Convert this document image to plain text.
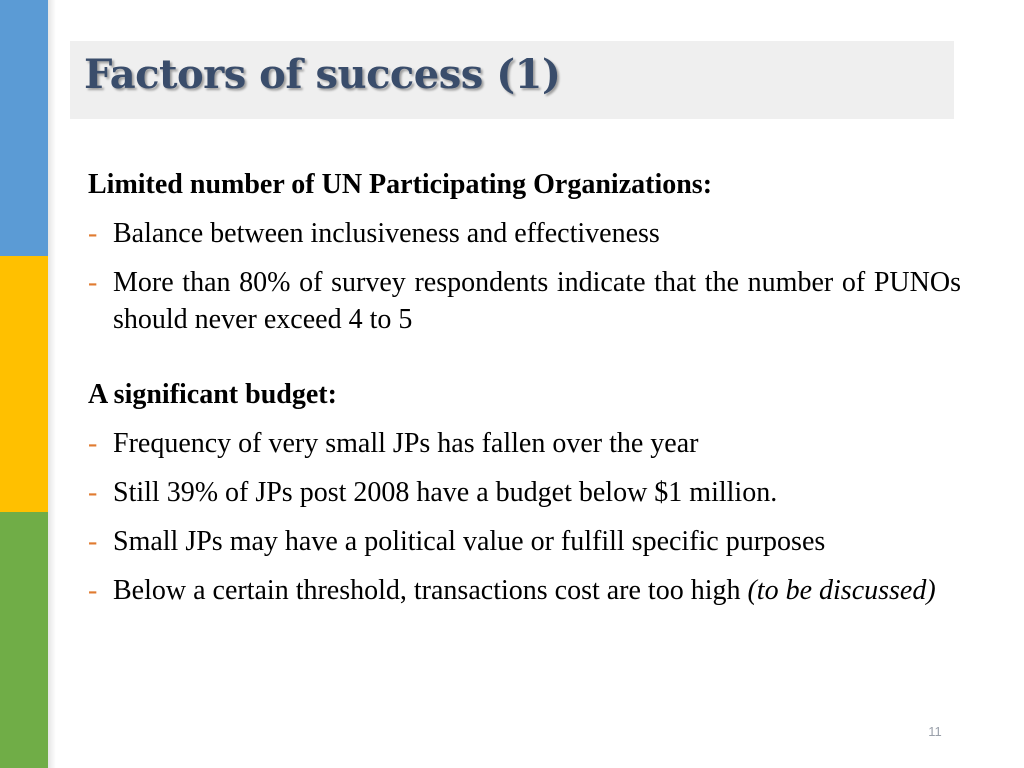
Factors of success (1)

Limited number of UN Participating Organizations:

- Balance between inclusiveness and effectiveness
- More than 80% of survey respondents indicate that the number of PUNOs should never exceed 4 to 5

A significant budget:

- Frequency of very small JPs has fallen over the year
- Still 39% of JPs post 2008 have a budget below $1 million.
- Small JPs may have a political value or fulfill specific purposes
- Below a certain threshold, transactions cost are too high (to be discussed)
11
